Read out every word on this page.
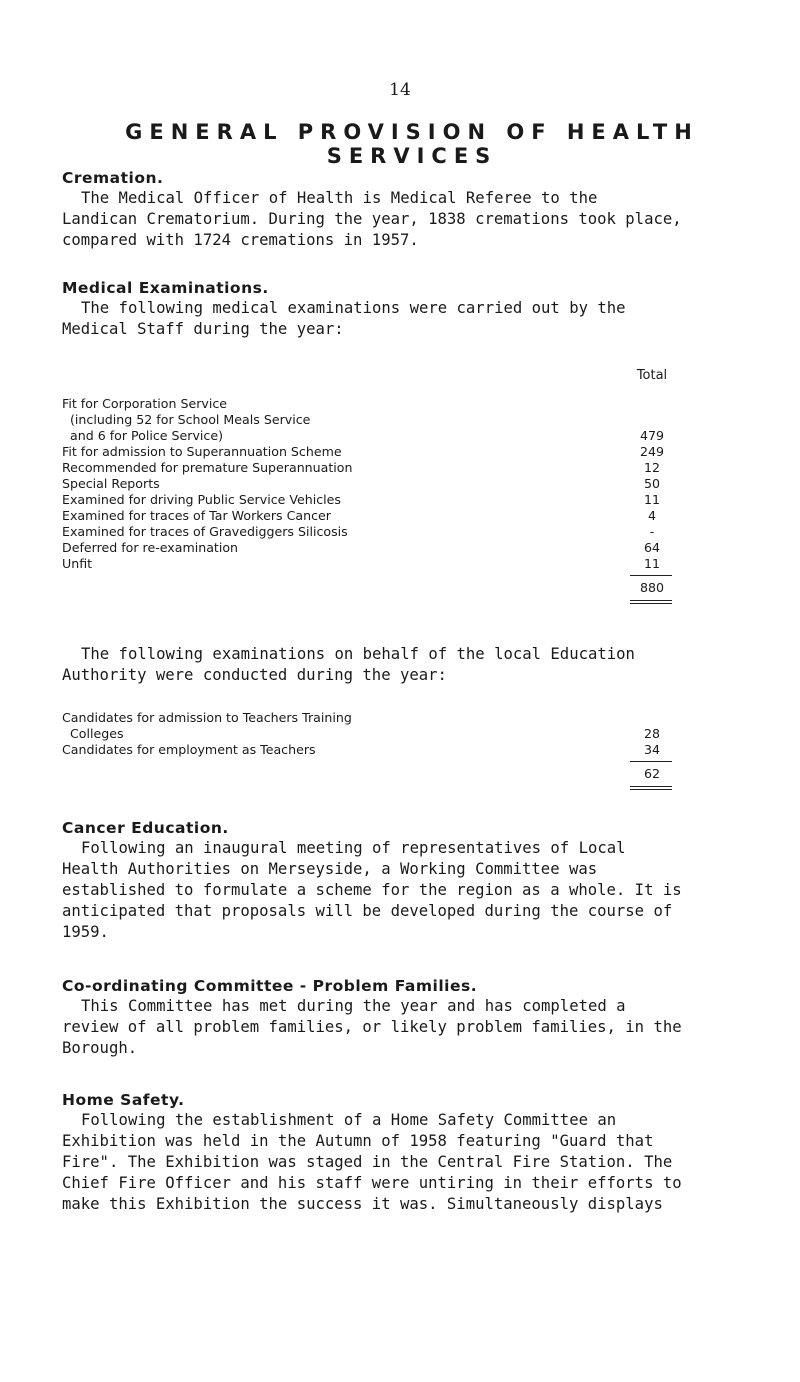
14
GENERAL PROVISION OF HEALTH SERVICES
Cremation.
The Medical Officer of Health is Medical Referee to the
Landican Crematorium. During the year, 1838 cremations took place,
compared with 1724 cremations in 1957.
Medical Examinations.
The following medical examinations were carried out by the
Medical Staff during the year:
Total
Fit for Corporation Service
(including 52 for School Meals Service
and 6 for Police Service)	479
Fit for admission to Superannuation Scheme	249
Recommended for premature Superannuation	12
Special Reports	50
Examined for driving Public Service Vehicles	11
Examined for traces of Tar Workers Cancer	4
Examined for traces of Gravediggers Silicosis	-
Deferred for re-examination	64
Unfit	11
880
The following examinations on behalf of the local Education
Authority were conducted during the year:
Candidates for admission to Teachers Training
Colleges	28
Candidates for employment as Teachers	34
62
Cancer Education.
Following an inaugural meeting of representatives of Local
Health Authorities on Merseyside, a Working Committee was
established to formulate a scheme for the region as a whole. It is
anticipated that proposals will be developed during the course of
1959.
Co-ordinating Committee - Problem Families.
This Committee has met during the year and has completed a
review of all problem families, or likely problem families, in the
Borough.
Home Safety.
Following the establishment of a Home Safety Committee an
Exhibition was held in the Autumn of 1958 featuring "Guard that
Fire". The Exhibition was staged in the Central Fire Station. The
Chief Fire Officer and his staff were untiring in their efforts to
make this Exhibition the success it was. Simultaneously displays
